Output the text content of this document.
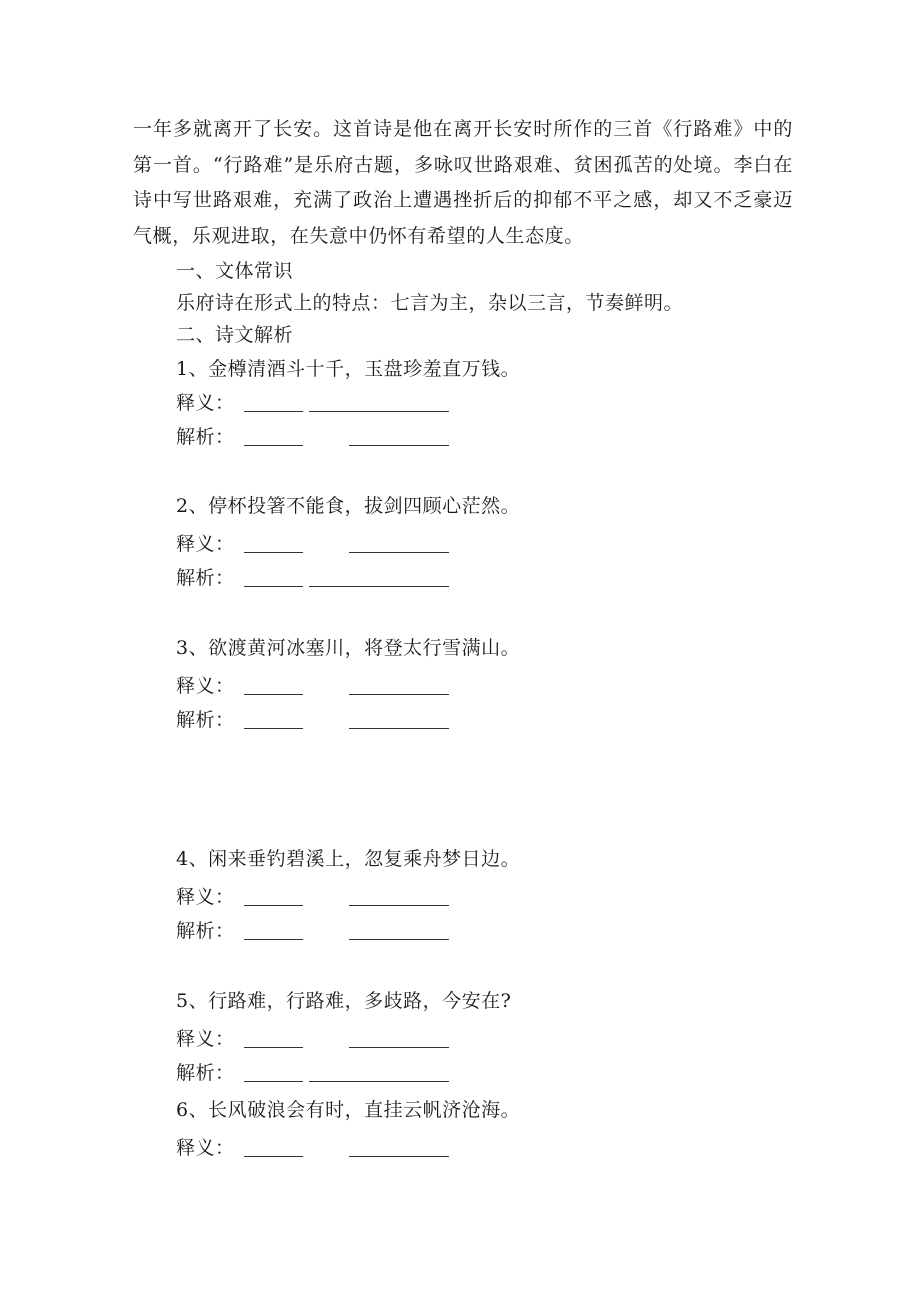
一年多就离开了长安。这首诗是他在离开长安时所作的三首《行路难》中的第一首。“行路难”是乐府古题，多咏叹世路艰难、贫困孤苦的处境。李白在诗中写世路艰难，充满了政治上遭遇挫折后的抑郁不平之感，却又不乏豪迈气概，乐观进取，在失意中仍怀有希望的人生态度。

一、文体常识
乐府诗在形式上的特点：七言为主，杂以三言，节奏鲜明。
二、诗文解析
1、金樽清酒斗十千，玉盘珍羞直万钱。
释义：
解析：
2、停杯投箸不能食，拔剑四顾心茫然。
释义：
解析：
3、欲渡黄河冰塞川，将登太行雪满山。
释义：
解析：
4、闲来垂钓碧溪上，忽复乘舟梦日边。
释义：
解析：
5、行路难，行路难，多歧路，今安在?
释义：
解析：
6、长风破浪会有时，直挂云帆济沧海。
释义：
